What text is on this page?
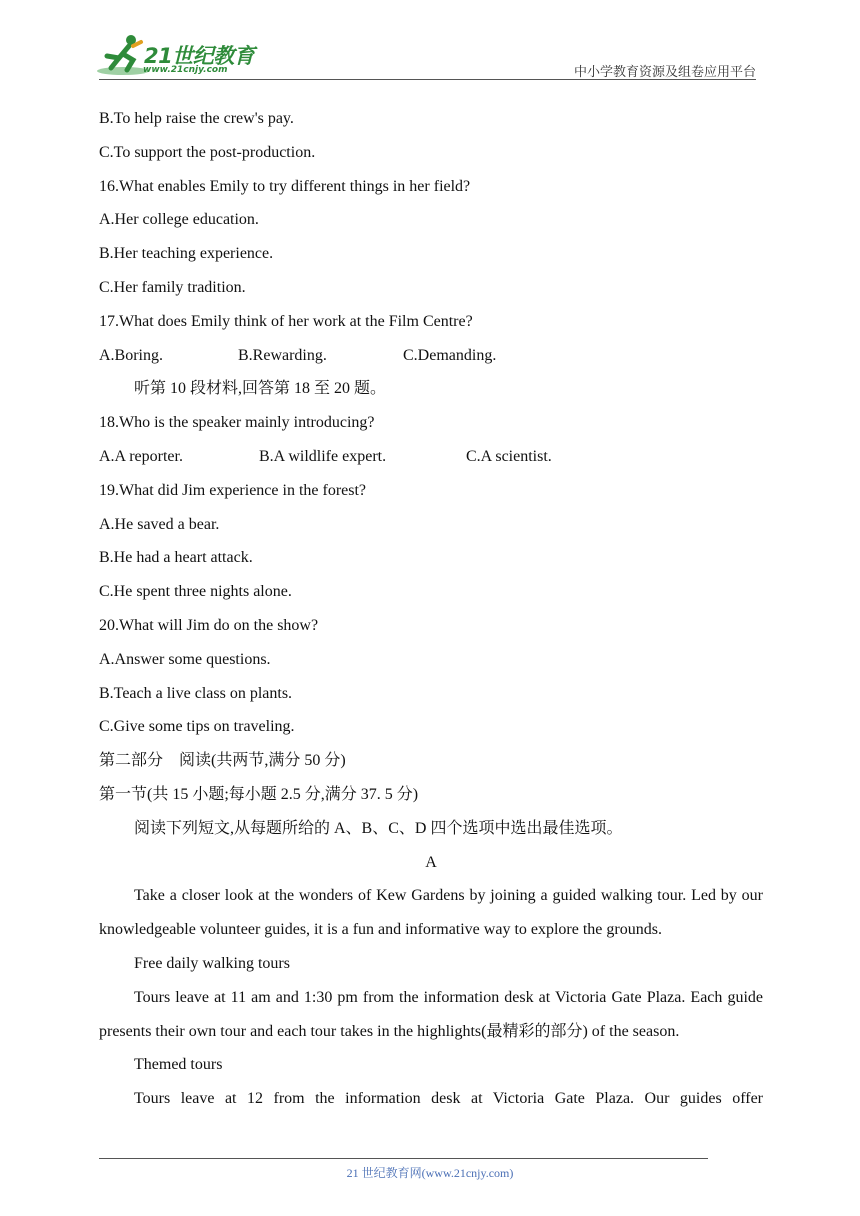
21世纪教育
www.21cnjy.com	中小学教育资源及组卷应用平台
B.To help raise the crew's pay.
C.To support the post-production.
16.What enables Emily to try different things in her field?
A.Her college education.
B.Her teaching experience.
C.Her family tradition.
17.What does Emily think of her work at the Film Centre?
A.Boring.	B.Rewarding.	C.Demanding.
听第 10 段材料,回答第 18 至 20 题。
18.Who is the speaker mainly introducing?
A.A reporter.	B.A wildlife expert.	C.A scientist.
19.What did Jim experience in the forest?
A.He saved a bear.
B.He had a heart attack.
C.He spent three nights alone.
20.What will Jim do on the show?
A.Answer some questions.
B.Teach a live class on plants.
C.Give some tips on traveling.
第二部分　阅读(共两节,满分 50 分)
第一节(共 15 小题;每小题 2.5 分,满分 37. 5 分)
阅读下列短文,从每题所给的 A、B、C、D 四个选项中选出最佳选项。
A
Take a closer look at the wonders of Kew Gardens by joining a guided walking tour. Led by our knowledgeable volunteer guides, it is a fun and informative way to explore the grounds.
Free daily walking tours
Tours leave at 11 am and 1:30 pm from the information desk at Victoria Gate Plaza. Each guide presents their own tour and each tour takes in the highlights(最精彩的部分) of the season.
Themed tours
Tours leave at 12 from the information desk at Victoria Gate Plaza. Our guides offer
21 世纪教育网(www.21cnjy.com)
